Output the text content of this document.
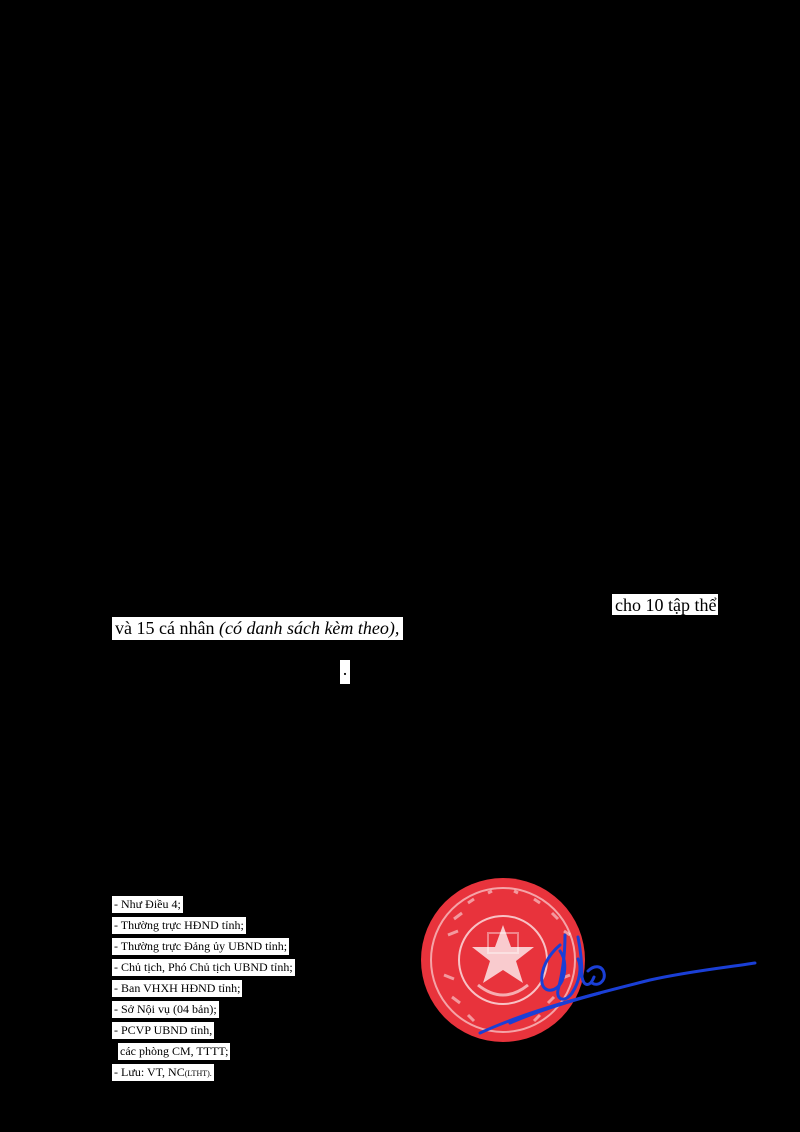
cho 10 tập thể
và 15 cá nhân (có danh sách kèm theo),
.
- Như Điều 4;
- Thường trực HĐND tỉnh;
- Thường trực Đảng ủy UBND tỉnh;
- Chủ tịch, Phó Chủ tịch UBND tỉnh;
- Ban VHXH HĐND tỉnh;
- Sở Nội vụ (04 bản);
- PCVP UBND tỉnh,
các phòng CM, TTTT;
- Lưu: VT, NC(LTHT).
